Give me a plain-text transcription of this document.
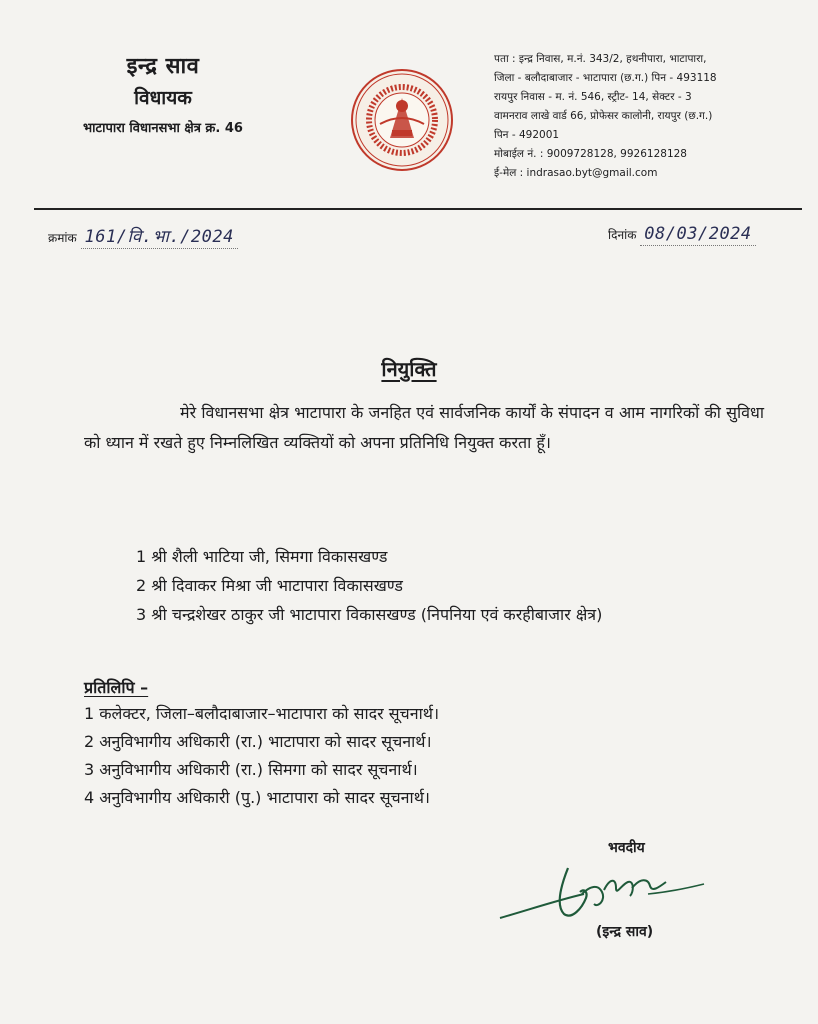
इन्द्र साव

विधायक

भाटापारा विधानसभा क्षेत्र क्र. 46

पता : इन्द्र निवास, म.नं. 343/2, हथनीपारा, भाटापारा,
जिला - बलौदाबाजार - भाटापारा (छ.ग.) पिन - 493118
रायपुर निवास - म. नं. 546, स्ट्रीट- 14, सेक्टर - 3
वामनराव लाखे वार्ड 66, प्रोफेसर कालोनी, रायपुर (छ.ग.)
पिन - 492001
मोबाईल नं. : 9009728128, 9926128128
ई-मेल : indrasao.byt@gmail.com
क्रमांक 161/वि.भा./2024	दिनांक 08/03/2024
नियुक्ति
मेरे विधानसभा क्षेत्र भाटापारा के जनहित एवं सार्वजनिक कार्यों के संपादन व आम नागरिकों की सुविधा को ध्यान में रखते हुए निम्नलिखित व्यक्तियों को अपना प्रतिनिधि नियुक्त करता हूँ।
1 श्री शैली भाटिया जी, सिमगा विकासखण्ड
2 श्री दिवाकर मिश्रा जी भाटापारा विकासखण्ड
3 श्री चन्द्रशेखर ठाकुर जी भाटापारा विकासखण्ड (निपनिया एवं करहीबाजार क्षेत्र)
प्रतिलिपि –
1 कलेक्टर, जिला–बलौदाबाजार–भाटापारा को सादर सूचनार्थ।
2 अनुविभागीय अधिकारी (रा.) भाटापारा को सादर सूचनार्थ।
3 अनुविभागीय अधिकारी (रा.) सिमगा को सादर सूचनार्थ।
4 अनुविभागीय अधिकारी (पु.) भाटापारा को सादर सूचनार्थ।
भवदीय
(इन्द्र साव)
